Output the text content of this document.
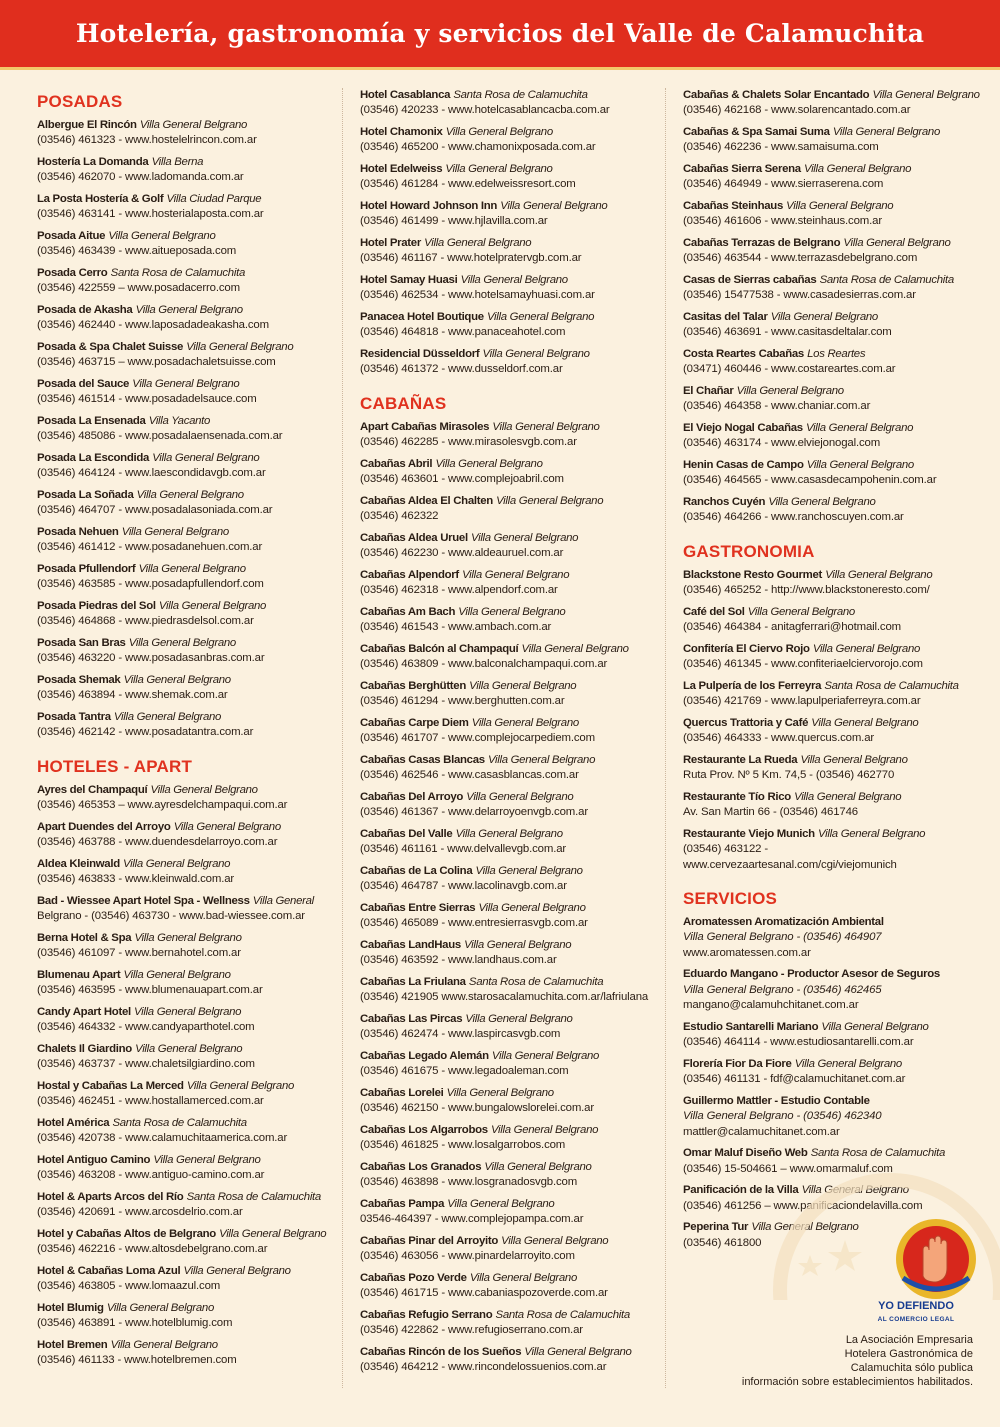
Hotelería, gastronomía y servicios del Valle de Calamuchita
POSADAS
Albergue El Rincón Villa General Belgrano
(03546) 461323 - www.hostelelrincon.com.ar
Hostería La Domanda Villa Berna
(03546) 462070 - www.ladomanda.com.ar
La Posta Hostería & Golf Villa Ciudad Parque
(03546) 463141 - www.hosterialaposta.com.ar
Posada Aitue Villa General Belgrano
(03546) 463439 - www.aitueposada.com
Posada Cerro Santa Rosa de Calamuchita
(03546) 422559 – www.posadacerro.com
Posada de Akasha Villa General Belgrano
(03546) 462440 - www.laposadadeakasha.com
Posada & Spa Chalet Suisse Villa General Belgrano
(03546) 463715 – www.posadachaletsuisse.com
Posada del Sauce Villa General Belgrano
(03546) 461514 - www.posadadelsauce.com
Posada La Ensenada Villa Yacanto
(03546) 485086 - www.posadalaensenada.com.ar
Posada La Escondida Villa General Belgrano
(03546) 464124 - www.laescondidavgb.com.ar
Posada La Soñada Villa General Belgrano
(03546) 464707 - www.posadalasoniada.com.ar
Posada Nehuen Villa General Belgrano
(03546) 461412 - www.posadanehuen.com.ar
Posada Pfullendorf Villa General Belgrano
(03546) 463585 - www.posadapfullendorf.com
Posada Piedras del Sol Villa General Belgrano
(03546) 464868 - www.piedrasdelsol.com.ar
Posada San Bras Villa General Belgrano
(03546) 463220 - www.posadasanbras.com.ar
Posada Shemak Villa General Belgrano
(03546) 463894 - www.shemak.com.ar
Posada Tantra Villa General Belgrano
(03546) 462142 - www.posadatantra.com.ar
HOTELES - APART
Ayres del Champaquí Villa General Belgrano
(03546) 465353 – www.ayresdelchampaqui.com.ar
Apart Duendes del Arroyo Villa General Belgrano
(03546) 463788 - www.duendesdelarroyo.com.ar
Aldea Kleinwald Villa General Belgrano
(03546) 463833 - www.kleinwald.com.ar
Bad - Wiessee Apart Hotel Spa - Wellness Villa General
Belgrano - (03546) 463730 - www.bad-wiessee.com.ar
Berna Hotel & Spa Villa General Belgrano
(03546) 461097 - www.bernahotel.com.ar
Blumenau Apart Villa General Belgrano
(03546) 463595 - www.blumenauapart.com.ar
Candy Apart Hotel Villa General Belgrano
(03546) 464332 - www.candyaparthotel.com
Chalets Il Giardino Villa General Belgrano
(03546) 463737 - www.chaletsilgiardino.com
Hostal y Cabañas La Merced Villa General Belgrano
(03546) 462451 - www.hostallamerced.com.ar
Hotel América Santa Rosa de Calamuchita
(03546) 420738 - www.calamuchitaamerica.com.ar
Hotel Antiguo Camino Villa General Belgrano
(03546) 463208 - www.antiguo-camino.com.ar
Hotel & Aparts Arcos del Río Santa Rosa de Calamuchita
(03546) 420691 - www.arcosdelrio.com.ar
Hotel y Cabañas Altos de Belgrano Villa General Belgrano
(03546) 462216 - www.altosdebelgrano.com.ar
Hotel & Cabañas Loma Azul Villa General Belgrano
(03546) 463805 - www.lomaazul.com
Hotel Blumig Villa General Belgrano
(03546) 463891 - www.hotelblumig.com
Hotel Bremen Villa General Belgrano
(03546) 461133 - www.hotelbremen.com
Hotel Casablanca Santa Rosa de Calamuchita
(03546) 420233 - www.hotelcasablancacba.com.ar
Hotel Chamonix Villa General Belgrano
(03546) 465200 - www.chamonixposada.com.ar
Hotel Edelweiss Villa General Belgrano
(03546) 461284 - www.edelweissresort.com
Hotel Howard Johnson Inn Villa General Belgrano
(03546) 461499 - www.hjlavilla.com.ar
Hotel Prater Villa General Belgrano
(03546) 461167 - www.hotelpratervgb.com.ar
Hotel Samay Huasi Villa General Belgrano
(03546) 462534 - www.hotelsamayhuasi.com.ar
Panacea Hotel Boutique Villa General Belgrano
(03546) 464818 - www.panaceahotel.com
Residencial Düsseldorf Villa General Belgrano
(03546) 461372 - www.dusseldorf.com.ar
CABAÑAS
Apart Cabañas Mirasoles Villa General Belgrano
(03546) 462285 - www.mirasolesvgb.com.ar
Cabañas Abril Villa General Belgrano
(03546) 463601 - www.complejoabril.com
Cabañas Aldea El Chalten Villa General Belgrano
(03546) 462322
Cabañas Aldea Uruel Villa General Belgrano
(03546) 462230 - www.aldeauruel.com.ar
Cabañas Alpendorf Villa General Belgrano
(03546) 462318 - www.alpendorf.com.ar
Cabañas Am Bach Villa General Belgrano
(03546) 461543 - www.ambach.com.ar
Cabañas Balcón al Champaquí Villa General Belgrano
(03546) 463809 - www.balconalchampaqui.com.ar
Cabañas Berghütten Villa General Belgrano
(03546) 461294 - www.berghutten.com.ar
Cabañas Carpe Diem Villa General Belgrano
(03546) 461707 - www.complejocarpediem.com
Cabañas Casas Blancas Villa General Belgrano
(03546) 462546 - www.casasblancas.com.ar
Cabañas Del Arroyo Villa General Belgrano
(03546) 461367 - www.delarroyoenvgb.com.ar
Cabañas Del Valle Villa General Belgrano
(03546) 461161 - www.delvallevgb.com.ar
Cabañas de La Colina Villa General Belgrano
(03546) 464787 - www.lacolinavgb.com.ar
Cabañas Entre Sierras Villa General Belgrano
(03546) 465089 - www.entresierrasvgb.com.ar
Cabañas LandHaus Villa General Belgrano
(03546) 463592 - www.landhaus.com.ar
Cabañas La Friulana Santa Rosa de Calamuchita
(03546) 421905 www.starosacalamuchita.com.ar/lafriulana
Cabañas Las Pircas Villa General Belgrano
(03546) 462474 - www.laspircasvgb.com
Cabañas Legado Alemán Villa General Belgrano
(03546) 461675 - www.legadoaleman.com
Cabañas Lorelei Villa General Belgrano
(03546) 462150 - www.bungalowslorelei.com.ar
Cabañas Los Algarrobos Villa General Belgrano
(03546) 461825 - www.losalgarrobos.com
Cabañas Los Granados Villa General Belgrano
(03546) 463898 - www.losgranadosvgb.com
Cabañas Pampa Villa General Belgrano
03546-464397 - www.complejopampa.com.ar
Cabañas Pinar del Arroyito Villa General Belgrano
(03546) 463056 - www.pinardelarroyito.com
Cabañas Pozo Verde Villa General Belgrano
(03546) 461715 - www.cabaniaspozoverde.com.ar
Cabañas Refugio Serrano Santa Rosa de Calamuchita
(03546) 422862 - www.refugioserrano.com.ar
Cabañas Rincón de los Sueños Villa General Belgrano
(03546) 464212 - www.rincondelossuenios.com.ar
Cabañas & Chalets Solar Encantado Villa General Belgrano
(03546) 462168 - www.solarencantado.com.ar
Cabañas & Spa Samai Suma Villa General Belgrano
(03546) 462236 - www.samaisuma.com
Cabañas Sierra Serena Villa General Belgrano
(03546) 464949 - www.sierraserena.com
Cabañas Steinhaus Villa General Belgrano
(03546) 461606 - www.steinhaus.com.ar
Cabañas Terrazas de Belgrano Villa General Belgrano
(03546) 463544 - www.terrazasdebelgrano.com
Casas de Sierras cabañas Santa Rosa de Calamuchita
(03546) 15477538 - www.casadesierras.com.ar
Casitas del Talar Villa General Belgrano
(03546) 463691 - www.casitasdeltalar.com
Costa Reartes Cabañas Los Reartes
(03471) 460446 - www.costareartes.com.ar
El Chañar Villa General Belgrano
(03546) 464358 - www.chaniar.com.ar
El Viejo Nogal Cabañas Villa General Belgrano
(03546) 463174 - www.elviejonogal.com
Henin Casas de Campo Villa General Belgrano
(03546) 464565 - www.casasdecampohenin.com.ar
Ranchos Cuyén Villa General Belgrano
(03546) 464266 - www.ranchoscuyen.com.ar
GASTRONOMIA
Blackstone Resto Gourmet Villa General Belgrano
(03546) 465252 - http://www.blackstoneresto.com/
Café del Sol Villa General Belgrano
(03546) 464384 - anitagferrari@hotmail.com
Confitería El Ciervo Rojo Villa General Belgrano
(03546) 461345 - www.confiteriaelciervorojo.com
La Pulpería de los Ferreyra Santa Rosa de Calamuchita
(03546) 421769 - www.lapulperiaferreyra.com.ar
Quercus Trattoria y Café Villa General Belgrano
(03546) 464333 - www.quercus.com.ar
Restaurante La Rueda Villa General Belgrano
Ruta Prov. Nº 5 Km. 74,5 - (03546) 462770
Restaurante Tío Rico Villa General Belgrano
Av. San Martin 66 - (03546) 461746
Restaurante Viejo Munich Villa General Belgrano
(03546) 463122 - www.cervezaartesanal.com/cgi/viejomunich
SERVICIOS
Aromatessen Aromatización Ambiental
Villa General Belgrano - (03546) 464907
www.aromatessen.com.ar
Eduardo Mangano - Productor Asesor de Seguros
Villa General Belgrano - (03546) 462465
mangano@calamuhchitanet.com.ar
Estudio Santarelli Mariano Villa General Belgrano
(03546) 464114 - www.estudiosantarelli.com.ar
Florería Fior Da Fiore Villa General Belgrano
(03546) 461131 - fdf@calamuchitanet.com.ar
Guillermo Mattler - Estudio Contable
Villa General Belgrano - (03546) 462340
mattler@calamuchitanet.com.ar
Omar Maluf Diseño Web Santa Rosa de Calamuchita
(03546) 15-504661 – www.omarmaluf.com
Panificación de la Villa Villa General Belgrano
(03546) 461256 – www.panificaciondelavilla.com
Peperina Tur Villa General Belgrano
(03546) 461800
YO DEFIENDO
AL COMERCIO LEGAL
La Asociación Empresaria
Hotelera Gastronómica de
Calamuchita sólo publica
información sobre establecimientos habilitados.
